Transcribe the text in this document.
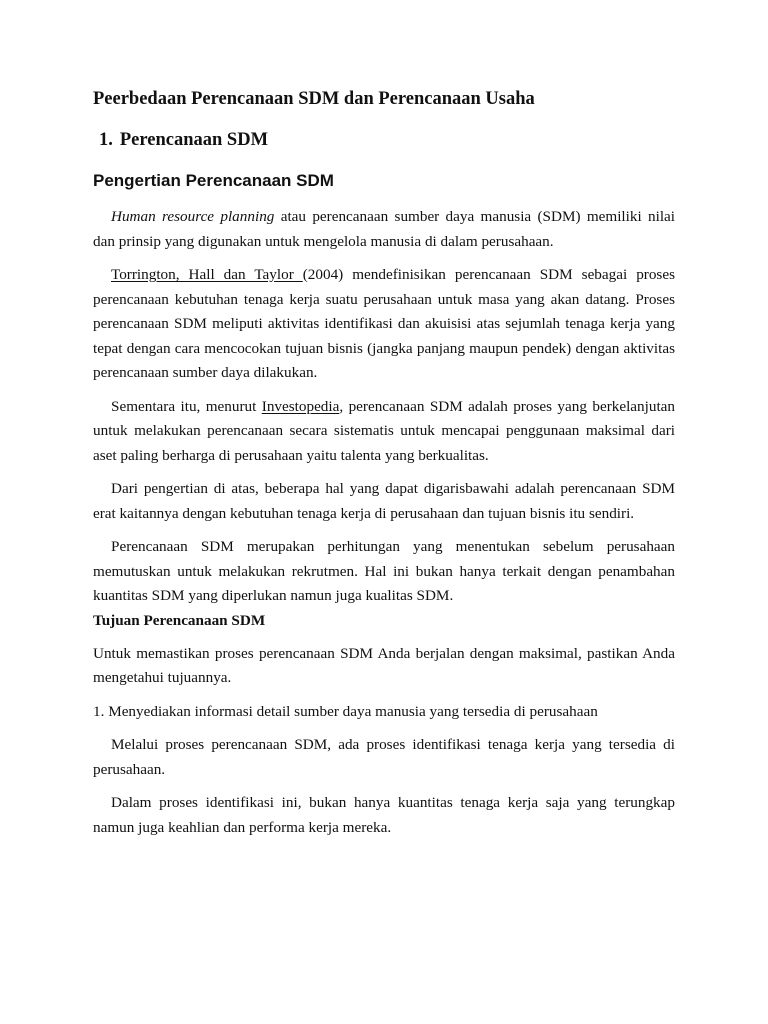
Peerbedaan Perencanaan SDM dan Perencanaan Usaha
1. Perencanaan SDM
Pengertian Perencanaan SDM

Human resource planning atau perencanaan sumber daya manusia (SDM) memiliki nilai dan prinsip yang digunakan untuk mengelola manusia di dalam perusahaan.

Torrington, Hall dan Taylor (2004) mendefinisikan perencanaan SDM sebagai proses perencanaan kebutuhan tenaga kerja suatu perusahaan untuk masa yang akan datang. Proses perencanaan SDM meliputi aktivitas identifikasi dan akuisisi atas sejumlah tenaga kerja yang tepat dengan cara mencocokan tujuan bisnis (jangka panjang maupun pendek) dengan aktivitas perencanaan sumber daya dilakukan.

Sementara itu, menurut Investopedia, perencanaan SDM adalah proses yang berkelanjutan untuk melakukan perencanaan secara sistematis untuk mencapai penggunaan maksimal dari aset paling berharga di perusahaan yaitu talenta yang berkualitas.

Dari pengertian di atas, beberapa hal yang dapat digarisbawahi adalah perencanaan SDM erat kaitannya dengan kebutuhan tenaga kerja di perusahaan dan tujuan bisnis itu sendiri.

Perencanaan SDM merupakan perhitungan yang menentukan sebelum perusahaan memutuskan untuk melakukan rekrutmen. Hal ini bukan hanya terkait dengan penambahan kuantitas SDM yang diperlukan namun juga kualitas SDM.

Tujuan Perencanaan SDM

Untuk memastikan proses perencanaan SDM Anda berjalan dengan maksimal, pastikan Anda mengetahui tujuannya.

1. Menyediakan informasi detail sumber daya manusia yang tersedia di perusahaan

Melalui proses perencanaan SDM, ada proses identifikasi tenaga kerja yang tersedia di perusahaan.

Dalam proses identifikasi ini, bukan hanya kuantitas tenaga kerja saja yang terungkap namun juga keahlian dan performa kerja mereka.
